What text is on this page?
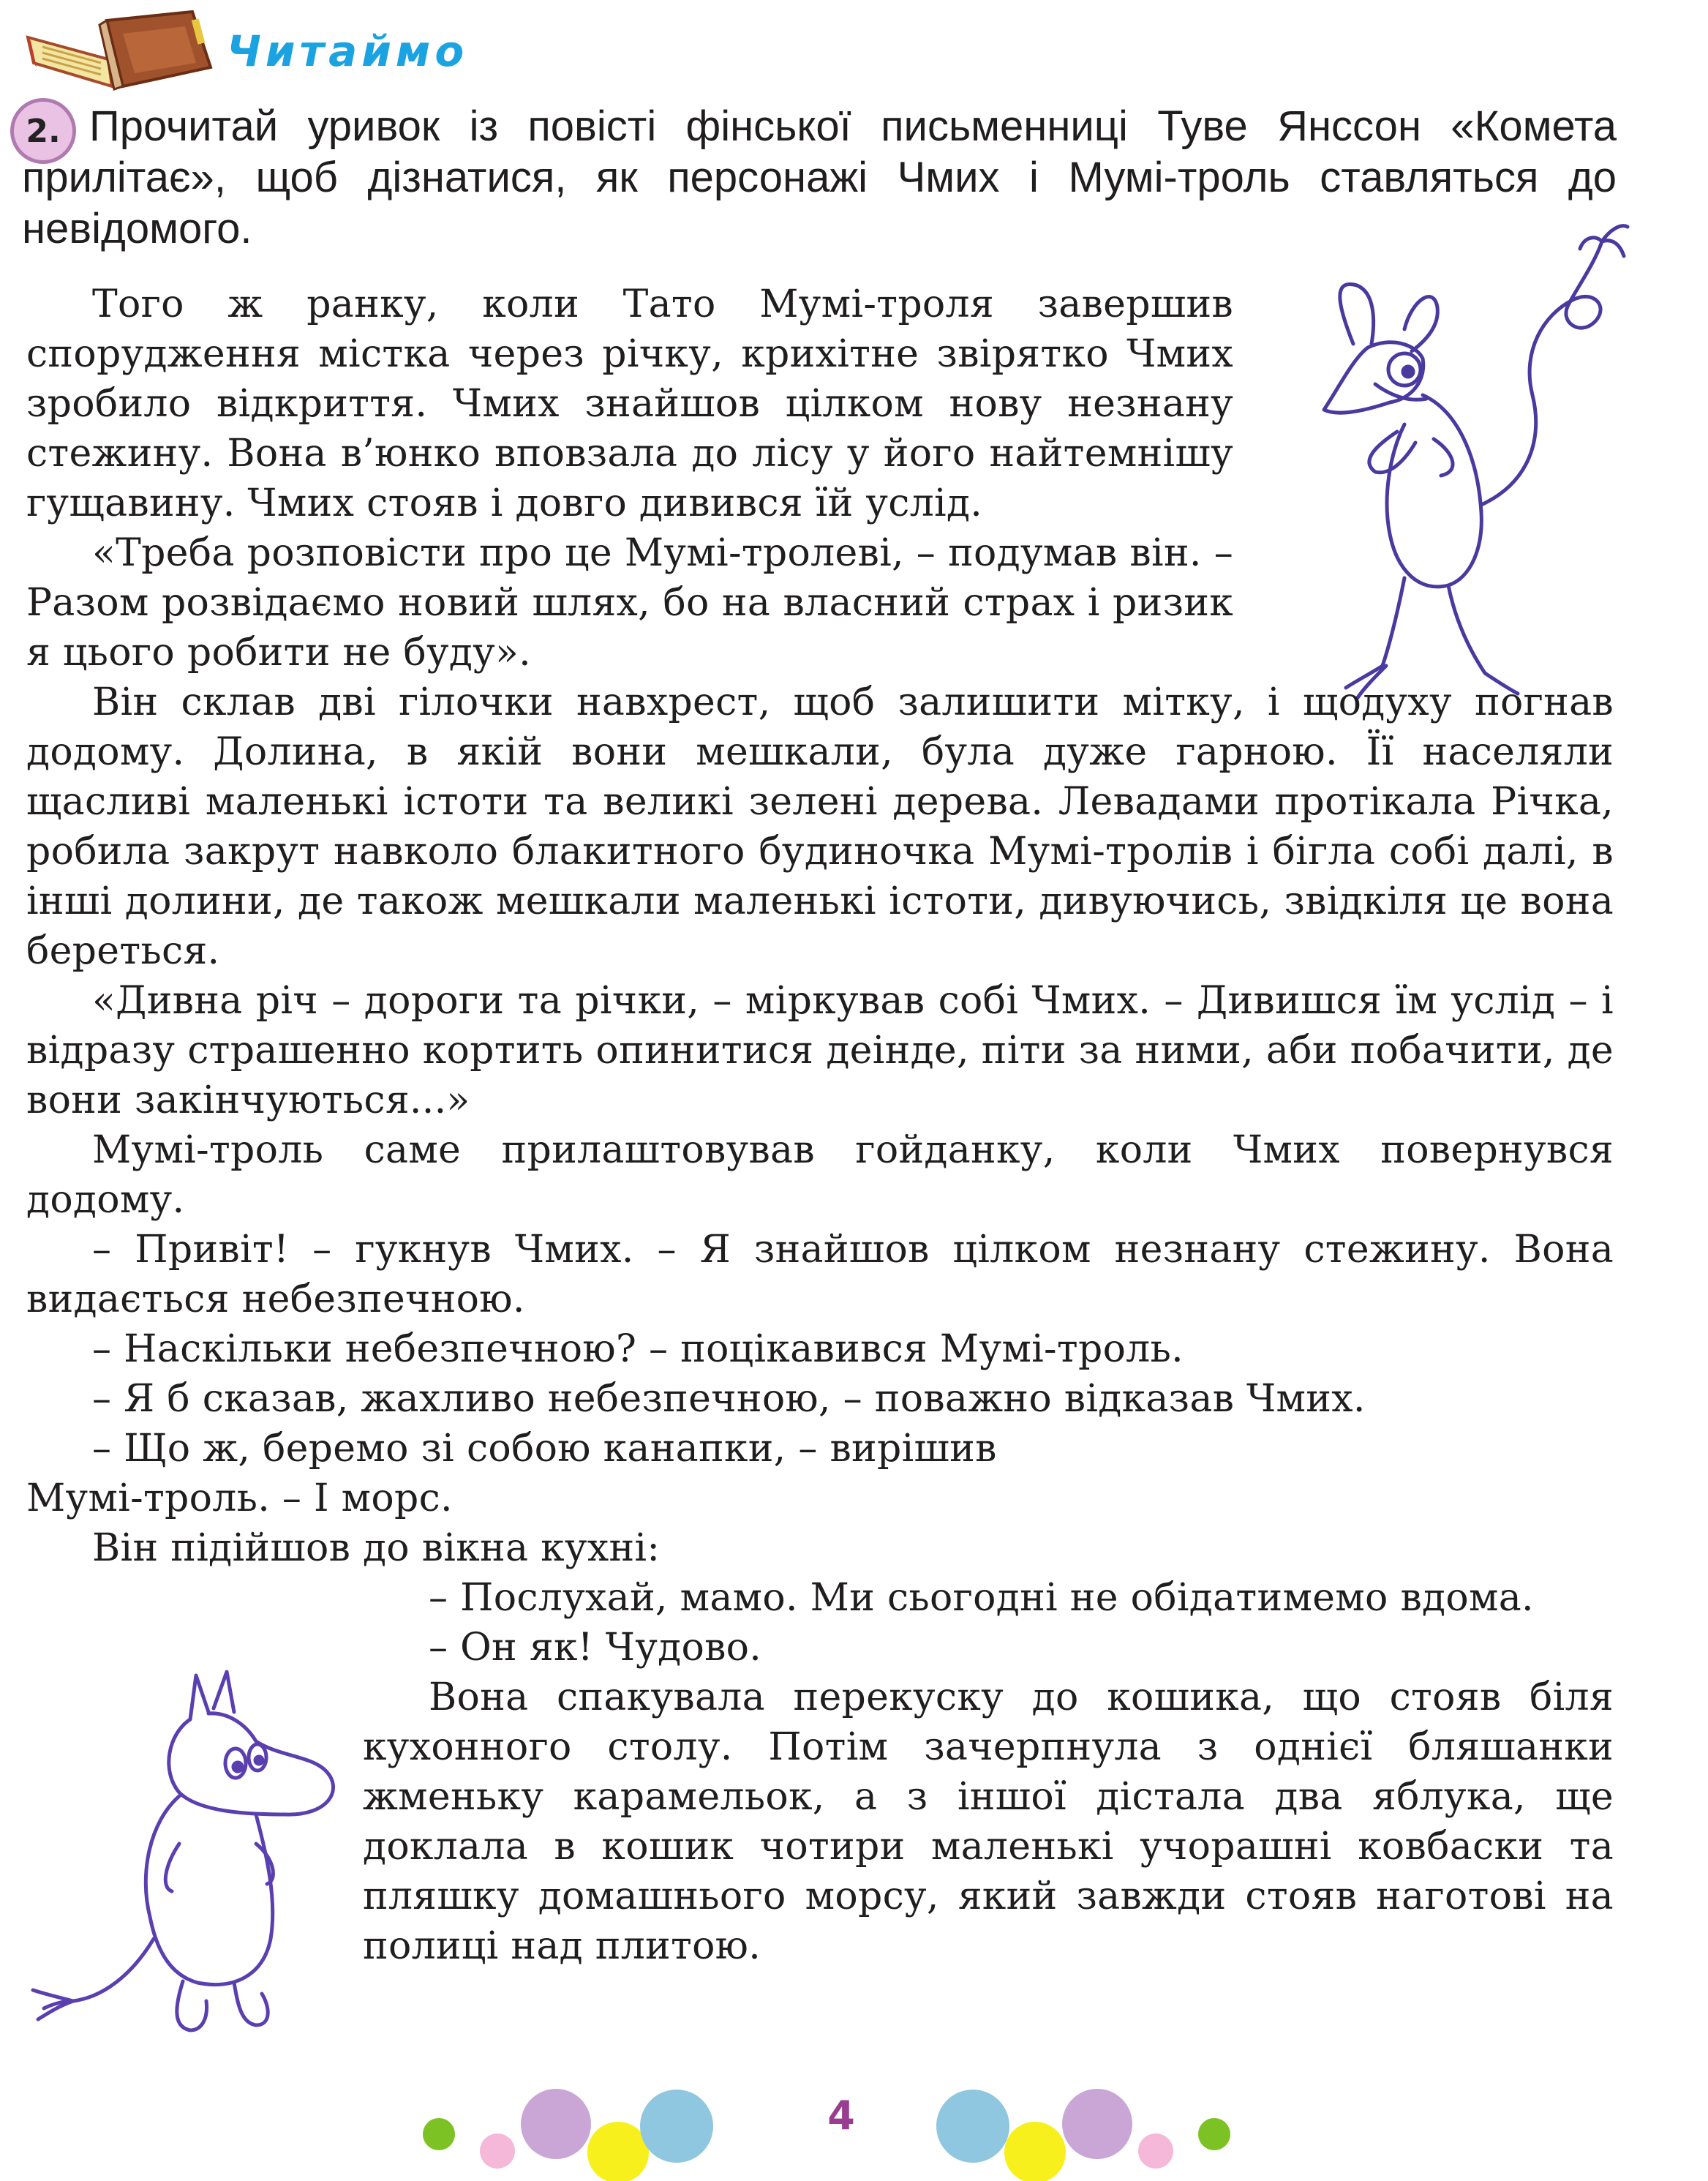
Читаймо
2. Прочитай уривок із повісті фінської письменниці Туве Янссон «Комета прилітає», щоб дізнатися, як персонажі Чмих і Мумі-троль ставляться до невідомого.

Того ж ранку, коли Тато Мумі-троля завершив спорудження містка через річку, крихітне звірятко Чмих зробило відкриття. Чмих знайшов цілком нову незнану стежину. Вона в’юнко вповзала до лісу у його найтемнішу гущавину. Чмих стояв і довго дивився їй услід.

«Треба розповісти про це Мумі-тролеві, – подумав він. – Разом розвідаємо новий шлях, бо на власний страх і ризик я цього робити не буду».

Він склав дві гілочки навхрест, щоб залишити мітку, і щодуху погнав додому. Долина, в якій вони мешкали, була дуже гарною. Її населяли щасливі маленькі істоти та великі зелені дерева. Левадами протікала Річка, робила закрут навколо блакитного будиночка Мумі-тролів і бігла собі далі, в інші долини, де також мешкали маленькі істоти, дивуючись, звідкіля це вона береться.

«Дивна річ – дороги та річки, – міркував собі Чмих. – Дивишся їм услід – і відразу страшенно кортить опинитися деінде, піти за ними, аби побачити, де вони закінчуються...»

Мумі-троль саме прилаштовував гойданку, коли Чмих повернувся додому.

– Привіт! – гукнув Чмих. – Я знайшов цілком незнану стежину. Вона видається небезпечною.

– Наскільки небезпечною? – поцікавився Мумі-троль.

– Я б сказав, жахливо небезпечною, – поважно відказав Чмих.

– Що ж, беремо зі собою канапки, – вирішив

Мумі-троль. – І морс.

Він підійшов до вікна кухні:

– Послухай, мамо. Ми сьогодні не обідатимемо вдома.

– Он як! Чудово.

Вона спакувала перекуску до кошика, що стояв біля кухонного столу. Потім зачерпнула з однієї бляшанки жменьку карамельок, а з іншої дістала два яблука, ще доклала в кошик чотири маленькі учорашні ковбаски та пляшку домашнього морсу, який завжди стояв наготові на полиці над плитою.

4
